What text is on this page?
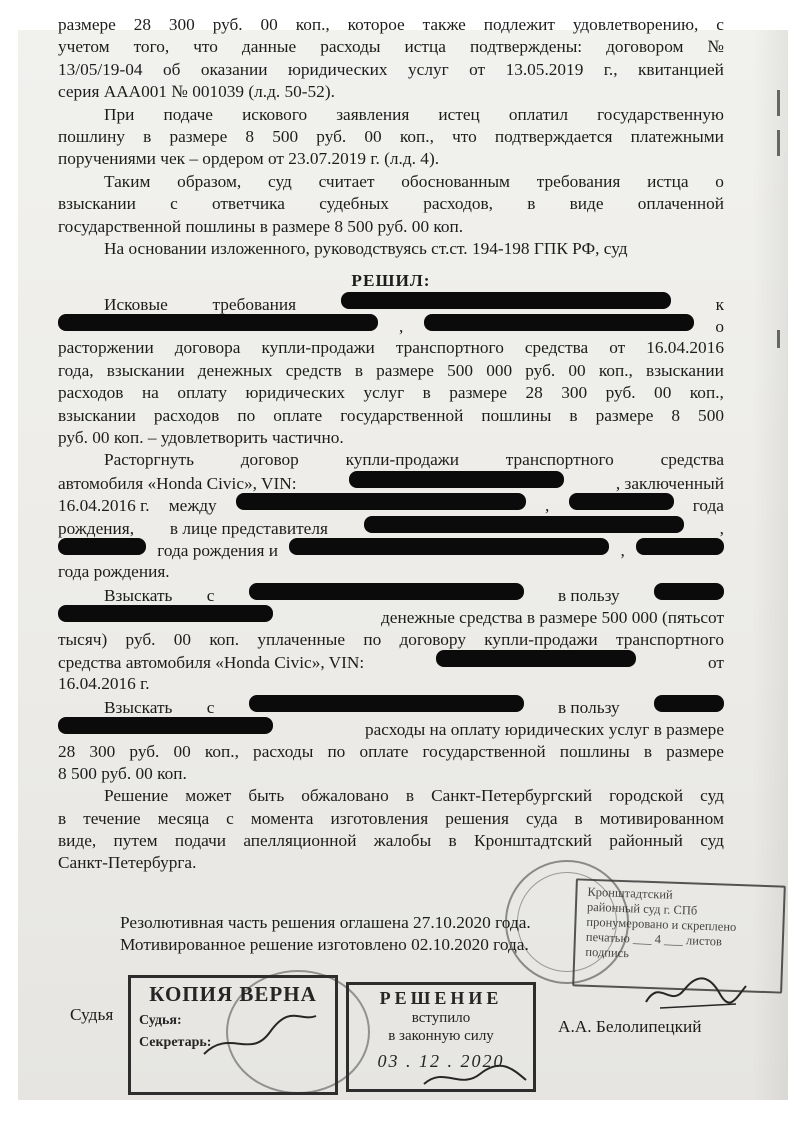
размере 28 300 руб. 00 коп., которое также подлежит удовлетворению, с
учетом того, что данные расходы истца подтверждены: договором №
13/05/19-04 об оказании юридических услуг от 13.05.2019 г., квитанцией
серия ААА001 № 001039 (л.д. 50-52).
При подаче искового заявления истец оплатил государственную
пошлину в размере 8 500 руб. 00 коп., что подтверждается платежными
поручениями чек – ордером от 23.07.2019 г. (л.д. 4).
Таким образом, суд считает обоснованным требования истца о
взыскании с ответчика судебных расходов, в виде оплаченной
государственной пошлины в размере 8 500 руб. 00 коп.
На основании изложенного, руководствуясь ст.ст. 194-198 ГПК РФ, суд
РЕШИЛ:
Исковые	требования	к
,	о
расторжении договора купли-продажи транспортного средства от 16.04.2016
года, взыскании денежных средств в размере 500 000 руб. 00 коп., взыскании
расходов на оплату юридических услуг в размере 28 300 руб. 00 коп.,
взыскании расходов по оплате государственной пошлины в размере 8 500
руб. 00 коп. – удовлетворить частично.
Расторгнуть	договор	купли-продажи	транспортного	средства
автомобиля «Honda Civic», VIN:	, заключенный
16.04.2016 г. между	,	года
рождения, в лице представителя	,
года рождения и	,
года рождения.
Взыскать с	в пользу
денежные средства в размере 500 000 (пятьсот
тысяч) руб. 00 коп. уплаченные по договору купли-продажи транспортного
средства автомобиля «Honda Civic», VIN:	от
16.04.2016 г.
Взыскать с	в пользу
расходы на оплату юридических услуг в размере
28 300 руб. 00 коп., расходы по оплате государственной пошлины в размере
8 500 руб. 00 коп.
Решение может быть обжаловано в Санкт-Петербургский городской суд
в течение месяца с момента изготовления решения суда в мотивированном
виде, путем подачи апелляционной жалобы в Кронштадтский районный суд
Санкт-Петербурга.
Резолютивная часть решения оглашена 27.10.2020 года.
Мотивированное решение изготовлено 02.10.2020 года.
Кронштадтский
районный суд г. СПб
пронумеровано и скреплено
печатью ___ 4 ___ листов
подпись
Судья
КОПИЯ ВЕРНА
Судья:
Секретарь:
РЕШЕНИЕ
вступило
в законную силу
03 . 12 . 2020
А.А. Белолипецкий
